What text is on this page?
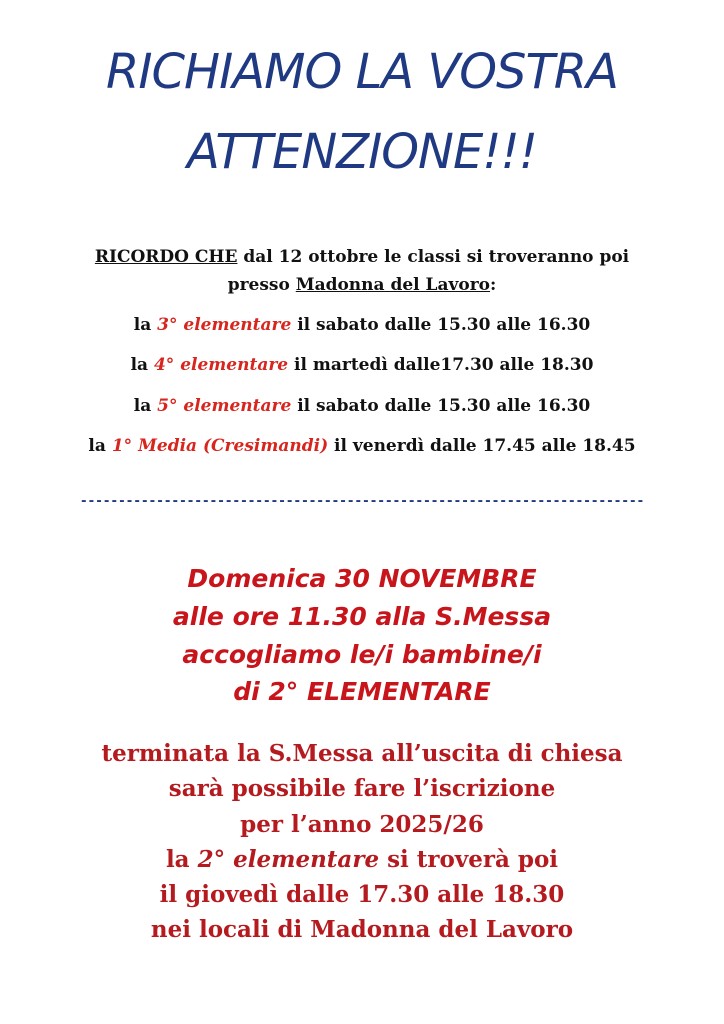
RICHIAMO LA VOSTRA
ATTENZIONE!!!
RICORDO CHE dal 12 ottobre le classi si troveranno poi
presso Madonna del Lavoro:
la 3° elementare il sabato dalle 15.30 alle 16.30
la 4° elementare il martedì dalle17.30 alle 18.30
la 5° elementare il sabato dalle 15.30 alle 16.30
la 1° Media (Cresimandi) il venerdì dalle 17.45 alle 18.45
--------------------------------------------------------------------------
Domenica 30 NOVEMBRE
alle ore 11.30 alla S.Messa
accogliamo le/i bambine/i
di 2° ELEMENTARE
terminata la S.Messa all’uscita di chiesa
sarà possibile fare l’iscrizione
per l’anno 2025/26
la 2° elementare si troverà poi
il giovedì dalle 17.30 alle 18.30
nei locali di Madonna del Lavoro
